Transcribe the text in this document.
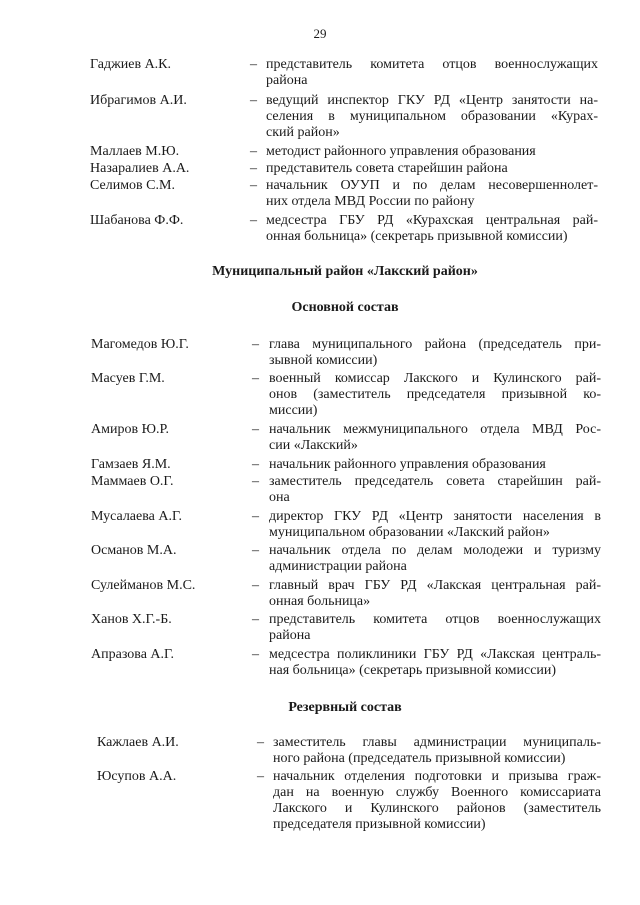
29
Гаджиев А.К.	– представитель комитета отцов военнослужащих
района
Ибрагимов А.И.	– ведущий инспектор ГКУ РД «Центр занятости на-
селения в муниципальном образовании «Курах-
ский район»
Маллаев М.Ю.	– методист районного управления образования
Назаралиев А.А.	– представитель совета старейшин района
Селимов С.М.	– начальник ОУУП и по делам несовершеннолет-
них отдела МВД России по району
Шабанова Ф.Ф.	– медсестра ГБУ РД «Курахская центральная рай-
онная больница» (секретарь призывной комиссии)
Муниципальный район «Лакский район»
Основной состав
Магомедов Ю.Г.	– глава муниципального района (председатель при-
зывной комиссии)
Масуев Г.М.	– военный комиссар Лакского и Кулинского рай-
онов (заместитель председателя призывной ко-
миссии)
Амиров Ю.Р.	– начальник межмуниципального отдела МВД Рос-
сии «Лакский»
Гамзаев Я.М.	– начальник районного управления образования
Маммаев О.Г.	– заместитель председатель совета старейшин рай-
она
Мусалаева А.Г.	– директор ГКУ РД «Центр занятости населения в
муниципальном образовании «Лакский район»
Османов М.А.	– начальник отдела по делам молодежи и туризму
администрации района
Сулейманов М.С.	– главный врач ГБУ РД «Лакская центральная рай-
онная больница»
Ханов Х.Г.-Б.	– представитель комитета отцов военнослужащих
района
Апразова А.Г.	– медсестра поликлиники ГБУ РД «Лакская централь-
ная больница» (секретарь призывной комиссии)
Резервный состав
Кажлаев А.И.	– заместитель главы администрации муниципаль-
ного района (председатель призывной комиссии)
Юсупов А.А.	– начальник отделения подготовки и призыва граж-
дан на военную службу Военного комиссариата
Лакского и Кулинского районов (заместитель
председателя призывной комиссии)
